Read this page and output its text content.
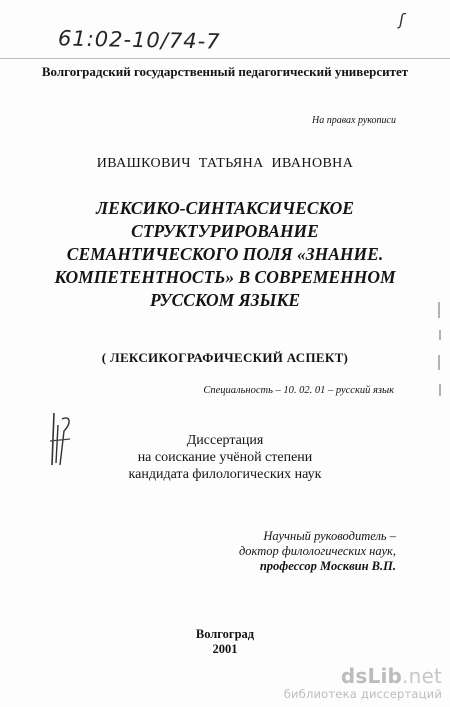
61:02-10/74-7
ʃ
Волгоградский государственный педагогический университет
На правах рукописи
ИВАШКОВИЧ ТАТЬЯНА ИВАНОВНА
ЛЕКСИКО-СИНТАКСИЧЕСКОЕ
СТРУКТУРИРОВАНИЕ
СЕМАНТИЧЕСКОГО ПОЛЯ «ЗНАНИЕ.
КОМПЕТЕНТНОСТЬ» В СОВРЕМЕННОМ
РУССКОМ ЯЗЫКЕ
( ЛЕКСИКОГРАФИЧЕСКИЙ АСПЕКТ)
Специальность – 10. 02. 01 – русский язык
Диссертация
на соискание учёной степени
кандидата филологических наук
Научный руководитель –
доктор филологических наук,
профессор Москвин В.П.
Волгоград
2001
dsLib.net
библиотека диссертаций
